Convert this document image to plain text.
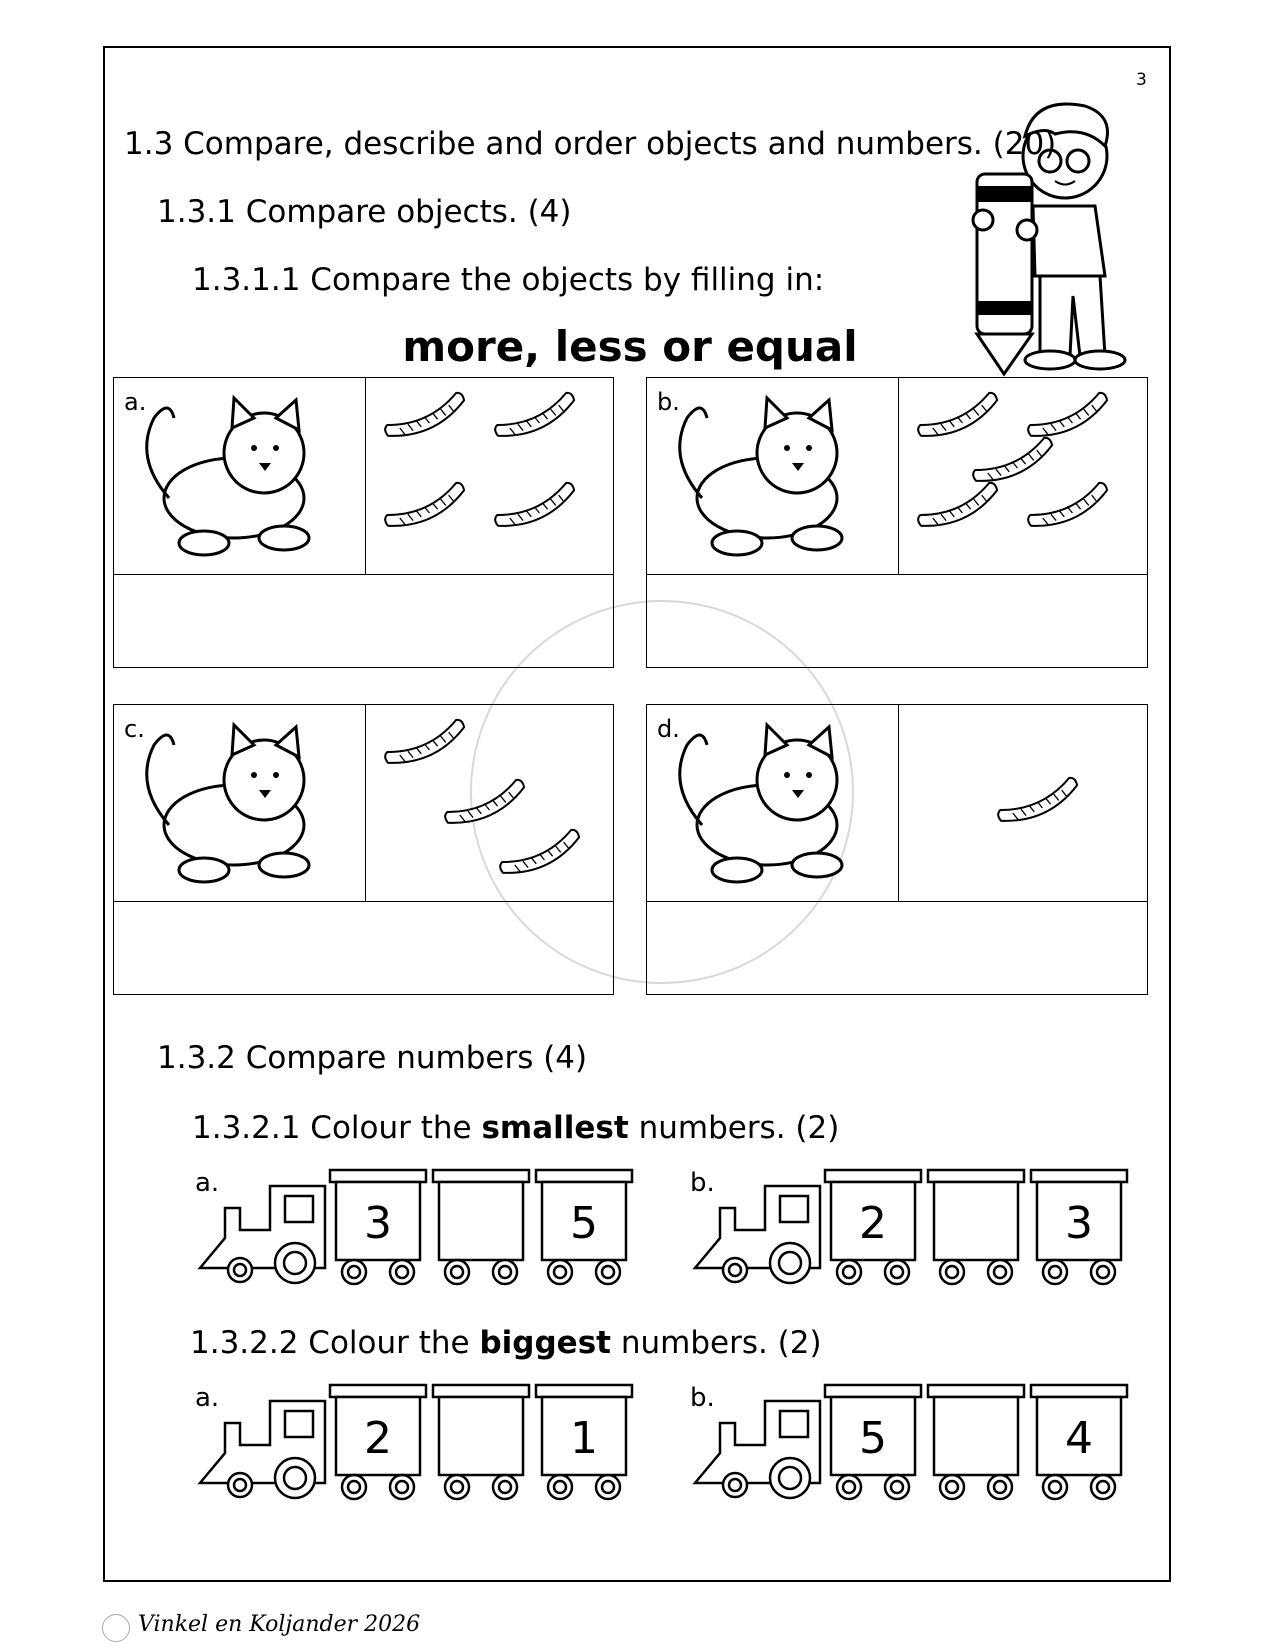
3
1.3 Compare, describe and order objects and numbers. (20)
1.3.1 Compare objects. (4)
1.3.1.1 Compare the objects by filling in:
more, less or equal
a.	b.
c.	d.
1.3.2 Compare numbers (4)
1.3.2.1 Colour the smallest numbers. (2)
a.
3	5
b.
2	3
1.3.2.2 Colour the biggest numbers. (2)
a.
2	1
b.
5	4
Vinkel en Koljander 2026
